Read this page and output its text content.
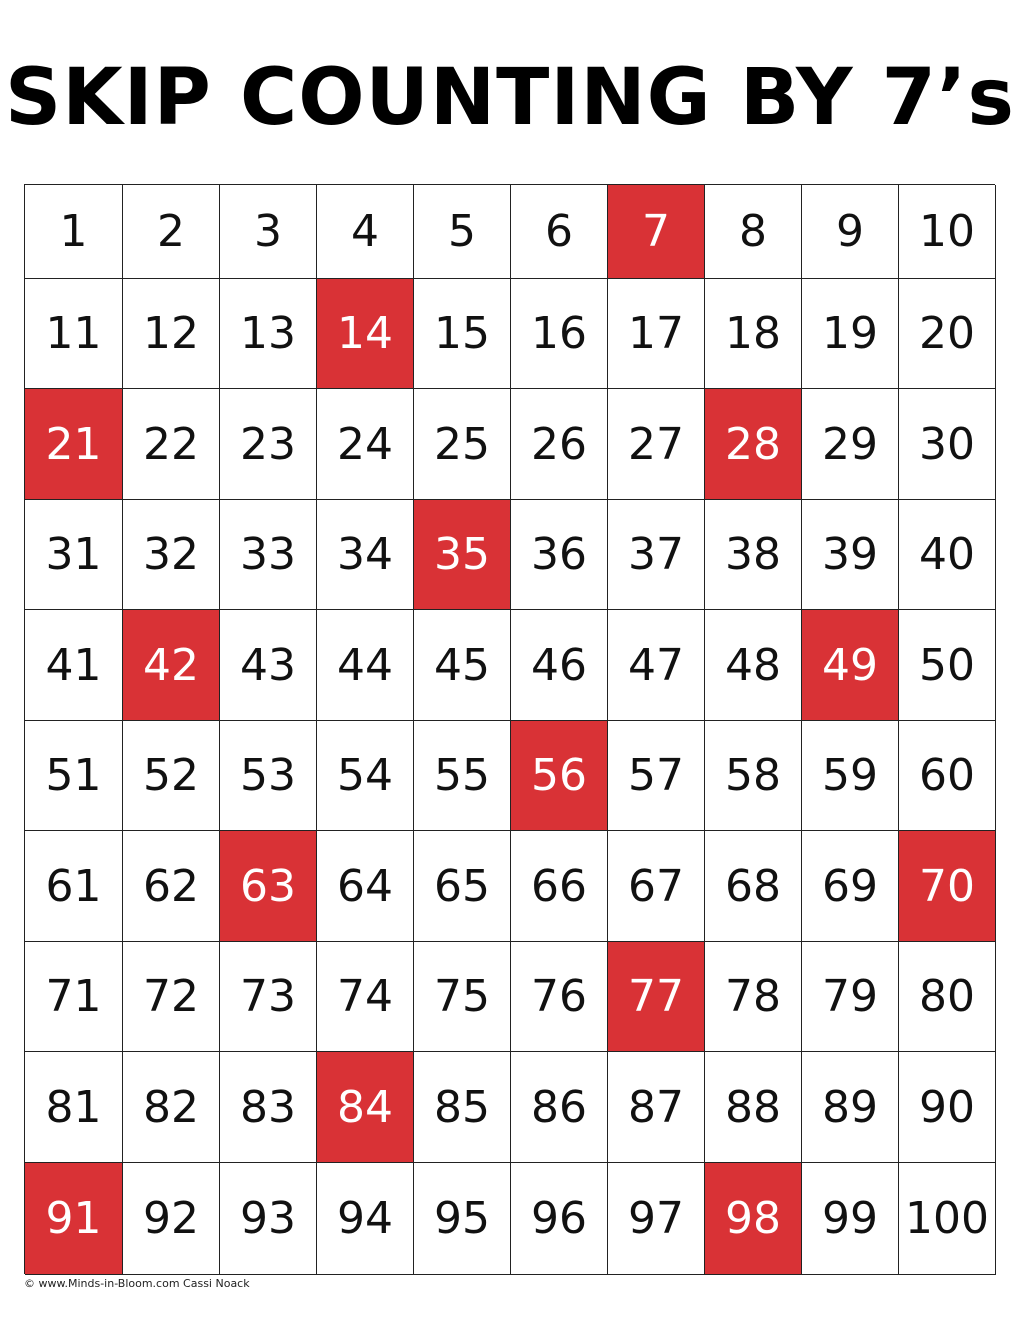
SKIP COUNTING BY 7’s
1	2	3	4	5	6	7	8	9	10
11 12 13 14 15 16 17 18 19 20
21 22 23 24 25 26 27 28 29 30
31 32 33 34 35 36 37 38 39 40
41 42 43 44 45 46 47 48 49 50
51 52 53 54 55 56 57 58 59 60
61 62 63 64 65 66 67 68 69 70
71 72 73 74 75 76 77 78 79 80
81 82 83 84 85 86 87 88 89 90
91 92 93 94 95 96 97 98 99 100

© www.Minds-in-Bloom.com Cassi Noack
